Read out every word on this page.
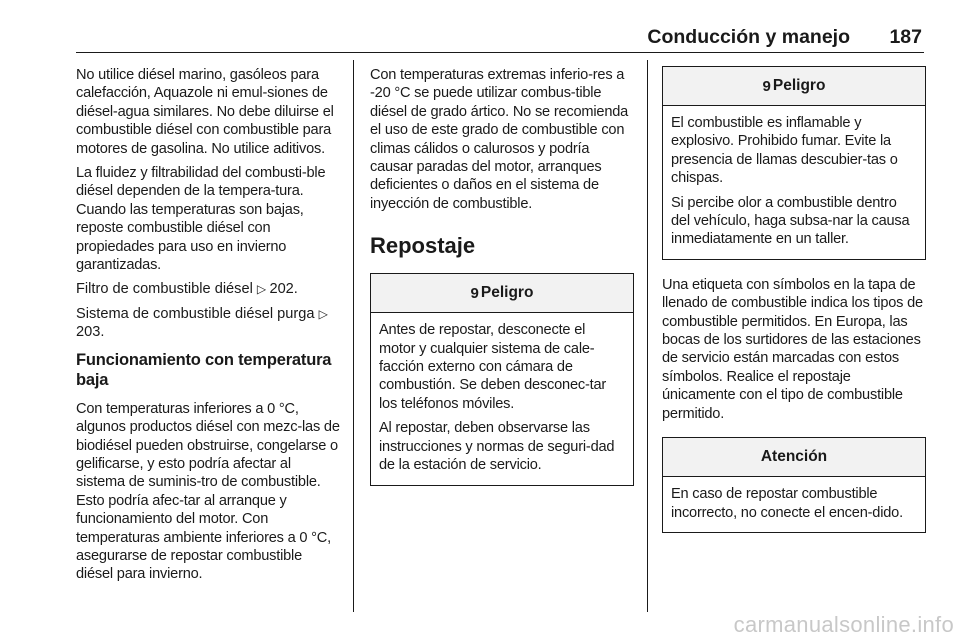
Conducción y manejo 187

No utilice diésel marino, gasóleos para calefacción, Aquazole ni emul-siones de diésel-agua similares. No debe diluirse el combustible diésel con combustible para motores de gasolina. No utilice aditivos.

La fluidez y filtrabilidad del combusti-ble diésel dependen de la tempera-tura. Cuando las temperaturas son bajas, reposte combustible diésel con propiedades para uso en invierno garantizadas.

Filtro de combustible diésel ▷ 202.

Sistema de combustible diésel purga ▷ 203.

Funcionamiento con temperatura baja

Con temperaturas inferiores a 0 °C, algunos productos diésel con mezc-las de biodiésel pueden obstruirse, congelarse o gelificarse, y esto podría afectar al sistema de suminis-tro de combustible. Esto podría afec-tar al arranque y funcionamiento del motor. Con temperaturas ambiente inferiores a 0 °C, asegurarse de repostar combustible diésel para invierno.

Con temperaturas extremas inferio-res a -20 °C se puede utilizar combus-tible diésel de grado ártico. No se recomienda el uso de este grado de combustible con climas cálidos o calurosos y podría causar paradas del motor, arranques deficientes o daños en el sistema de inyección de combustible.

Repostaje
9 Peligro

Antes de repostar, desconecte el motor y cualquier sistema de cale-facción externo con cámara de combustión. Se deben desconec-tar los teléfonos móviles.

Al repostar, deben observarse las instrucciones y normas de seguri-dad de la estación de servicio.

9 Peligro

El combustible es inflamable y explosivo. Prohibido fumar. Evite la presencia de llamas descubier-tas o chispas.

Si percibe olor a combustible dentro del vehículo, haga subsa-nar la causa inmediatamente en un taller.

Una etiqueta con símbolos en la tapa de llenado de combustible indica los tipos de combustible permitidos. En Europa, las bocas de los surtidores de las estaciones de servicio están marcadas con estos símbolos. Realice el repostaje únicamente con el tipo de combustible permitido.

Atención

En caso de repostar combustible incorrecto, no conecte el encen-dido.

carmanualsonline.info
